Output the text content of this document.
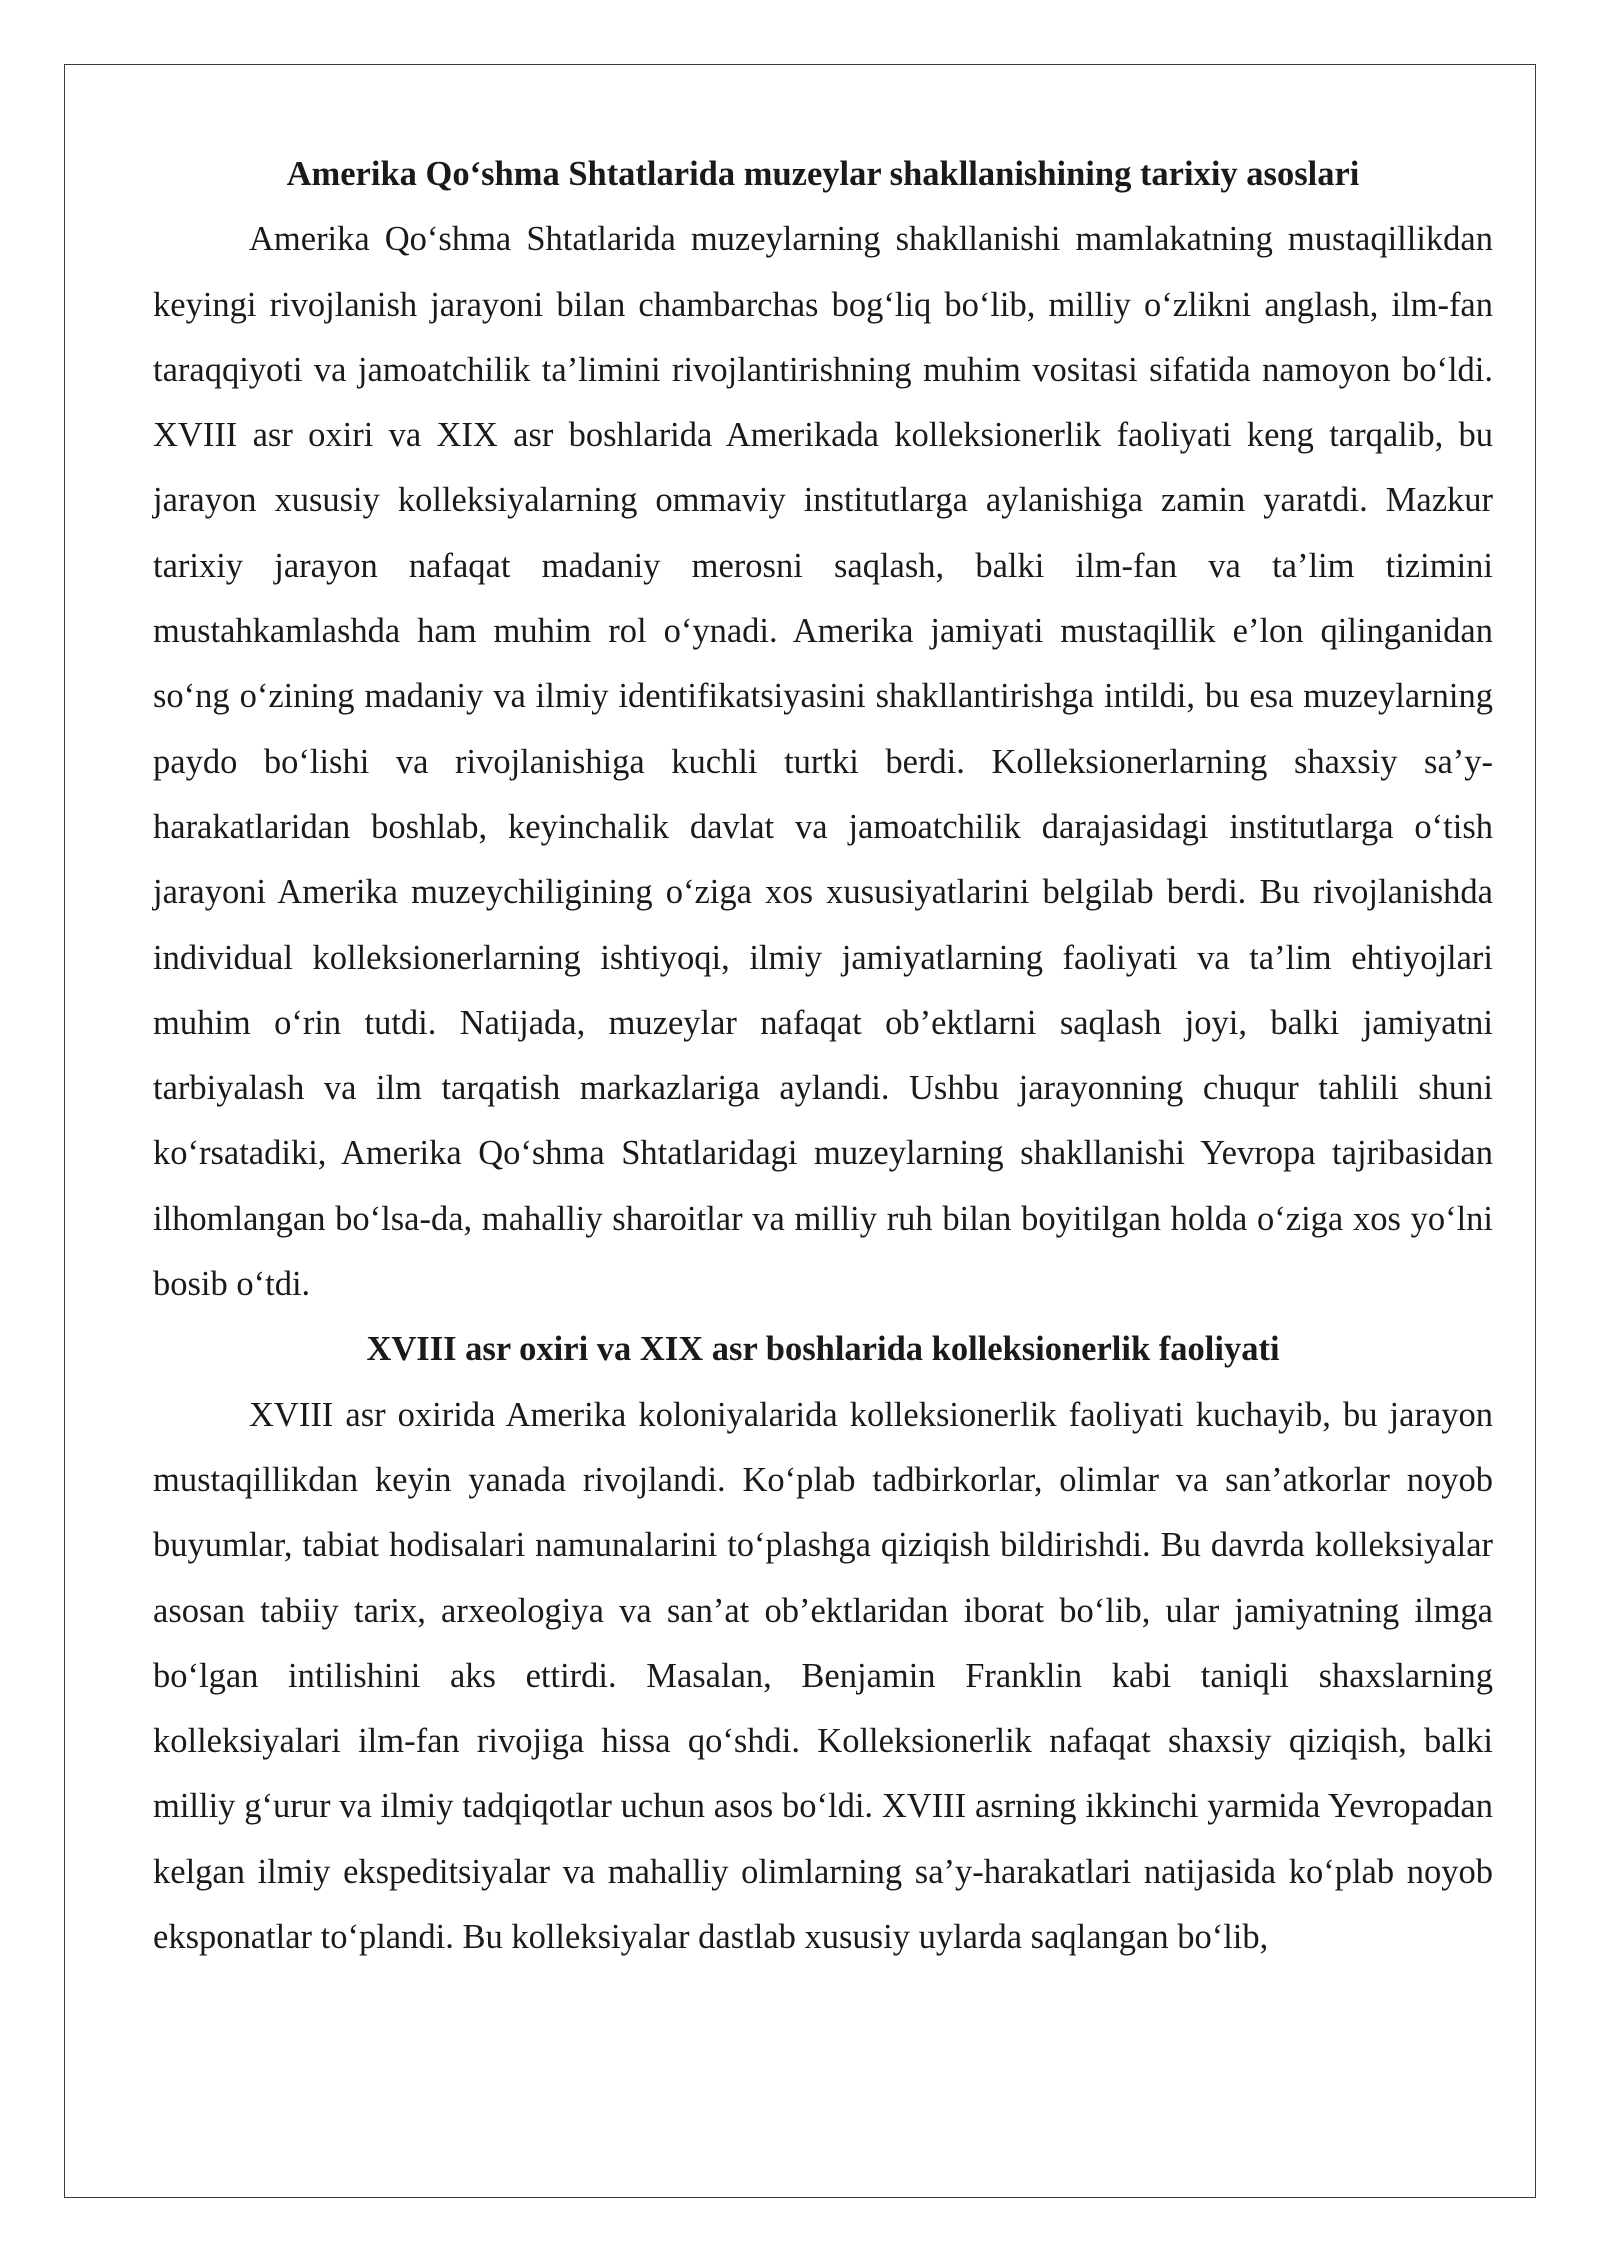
Amerika Qo‘shma Shtatlarida muzeylar shakllanishining tarixiy asoslari

Amerika Qo‘shma Shtatlarida muzeylarning shakllanishi mamlakatning mustaqillikdan keyingi rivojlanish jarayoni bilan chambarchas bog‘liq bo‘lib, milliy o‘zlikni anglash, ilm-fan taraqqiyoti va jamoatchilik ta’limini rivojlantirishning muhim vositasi sifatida namoyon bo‘ldi. XVIII asr oxiri va XIX asr boshlarida Amerikada kolleksionerlik faoliyati keng tarqalib, bu jarayon xususiy kolleksiyalarning ommaviy institutlarga aylanishiga zamin yaratdi. Mazkur tarixiy jarayon nafaqat madaniy merosni saqlash, balki ilm-fan va ta’lim tizimini mustahkamlashda ham muhim rol o‘ynadi. Amerika jamiyati mustaqillik e’lon qilinganidan so‘ng o‘zining madaniy va ilmiy identifikatsiyasini shakllantirishga intildi, bu esa muzeylarning paydo bo‘lishi va rivojlanishiga kuchli turtki berdi. Kolleksionerlarning shaxsiy sa’y-harakatlaridan boshlab, keyinchalik davlat va jamoatchilik darajasidagi institutlarga o‘tish jarayoni Amerika muzeychiligining o‘ziga xos xususiyatlarini belgilab berdi. Bu rivojlanishda individual kolleksionerlarning ishtiyoqi, ilmiy jamiyatlarning faoliyati va ta’lim ehtiyojlari muhim o‘rin tutdi. Natijada, muzeylar nafaqat ob’ektlarni saqlash joyi, balki jamiyatni tarbiyalash va ilm tarqatish markazlariga aylandi. Ushbu jarayonning chuqur tahlili shuni ko‘rsatadiki, Amerika Qo‘shma Shtatlaridagi muzeylarning shakllanishi Yevropa tajribasidan ilhomlangan bo‘lsa-da, mahalliy sharoitlar va milliy ruh bilan boyitilgan holda o‘ziga xos yo‘lni bosib o‘tdi.

XVIII asr oxiri va XIX asr boshlarida kolleksionerlik faoliyati

XVIII asr oxirida Amerika koloniyalarida kolleksionerlik faoliyati kuchayib, bu jarayon mustaqillikdan keyin yanada rivojlandi. Ko‘plab tadbirkorlar, olimlar va san’atkorlar noyob buyumlar, tabiat hodisalari namunalarini to‘plashga qiziqish bildirishdi. Bu davrda kolleksiyalar asosan tabiiy tarix, arxeologiya va san’at ob’ektlaridan iborat bo‘lib, ular jamiyatning ilmga bo‘lgan intilishini aks ettirdi. Masalan, Benjamin Franklin kabi taniqli shaxslarning kolleksiyalari ilm-fan rivojiga hissa qo‘shdi. Kolleksionerlik nafaqat shaxsiy qiziqish, balki milliy g‘urur va ilmiy tadqiqotlar uchun asos bo‘ldi. XVIII asrning ikkinchi yarmida Yevropadan kelgan ilmiy ekspeditsiyalar va mahalliy olimlarning sa’y-harakatlari natijasida ko‘plab noyob eksponatlar to‘plandi. Bu kolleksiyalar dastlab xususiy uylarda saqlangan bo‘lib,
